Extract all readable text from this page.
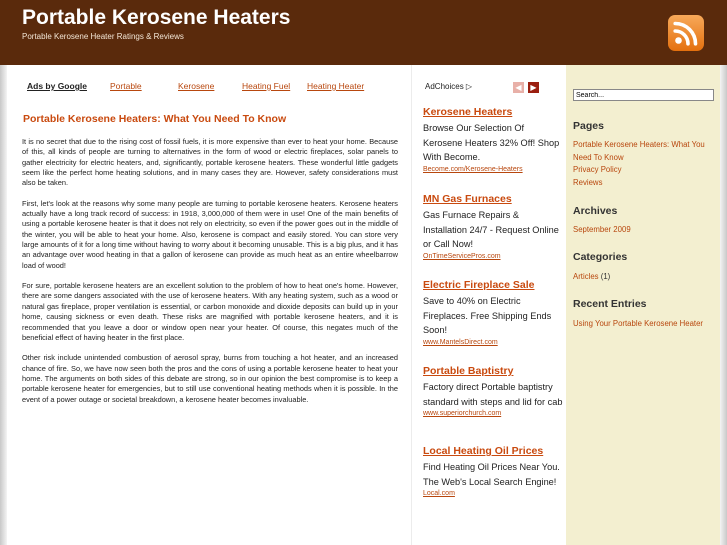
Portable Kerosene Heaters
Portable Kerosene Heater Ratings & Reviews
Ads by Google	Portable	Kerosene	Heating Fuel Heating Heater
Portable Kerosene Heaters: What You Need To Know

It is no secret that due to the rising cost of fossil fuels, it is more expensive than ever to heat your home. Because of this, all kinds of people are turning to alternatives in the form of wood or electric fireplaces, solar panels to gather electricity for electric heaters, and, significantly, portable kerosene heaters. These wonderful little gadgets seem like the perfect home heating solutions, and in many cases they are. However, safety considerations must also be taken.

First, let's look at the reasons why some many people are turning to portable kerosene heaters. Kerosene heaters actually have a long track record of success: in 1918, 3,000,000 of them were in use! One of the main benefits of using a portable kerosene heater is that it does not rely on electricity, so even if the power goes out in the middle of the winter, you will be able to heat your home. Also, kerosene is compact and easily stored. You can store very large amounts of it for a long time without having to worry about it becoming unusable. This is a big plus, and it has an advantage over wood heating in that a gallon of kerosene can provide as much heat as an entire wheelbarrow load of wood!

For sure, portable kerosene heaters are an excellent solution to the problem of how to heat one's home. However, there are some dangers associated with the use of kerosene heaters. With any heating system, such as a wood or natural gas fireplace, proper ventilation is essential, or carbon monoxide and dioxide deposits can build up in your home, causing sickness or even death. These risks are magnified with portable kerosene heaters, and it is recommended that you leave a door or window open near your heater. Of course, this negates much of the beneficial effect of having heater in the first place.

Other risk include unintended combustion of aerosol spray, burns from touching a hot heater, and an increased chance of fire. So, we have now seen both the pros and the cons of using a portable kerosene heater to heat your home. The arguments on both sides of this debate are strong, so in our opinion the best compromise is to keep a portable kerosene heater for emergencies, but to still use conventional heating methods when it is possible. In the event of a power outage or societal breakdown, a kerosene heater becomes invaluable.

AdChoices ▷	◀	▶
Kerosene Heaters
Browse Our Selection Of Kerosene Heaters 32% Off! Shop With Become.
Become.com/Kerosene-Heaters
MN Gas Furnaces
Gas Furnace Repairs & Installation 24/7 - Request Online or Call Now!
OnTimeServicePros.com
Electric Fireplace Sale
Save to 40% on Electric Fireplaces. Free Shipping Ends Soon!
www.MantelsDirect.com
Portable Baptistry
Factory direct Portable baptistry standard with steps and lid for cab
www.superiorchurch.com
Local Heating Oil Prices
Find Heating Oil Prices Near You. The Web's Local Search Engine!
Local.com
Search...
Pages
Portable Kerosene Heaters: What You Need To Know
Privacy Policy
Reviews
Archives
September 2009
Categories
Articles (1)
Recent Entries
Using Your Portable Kerosene Heater
